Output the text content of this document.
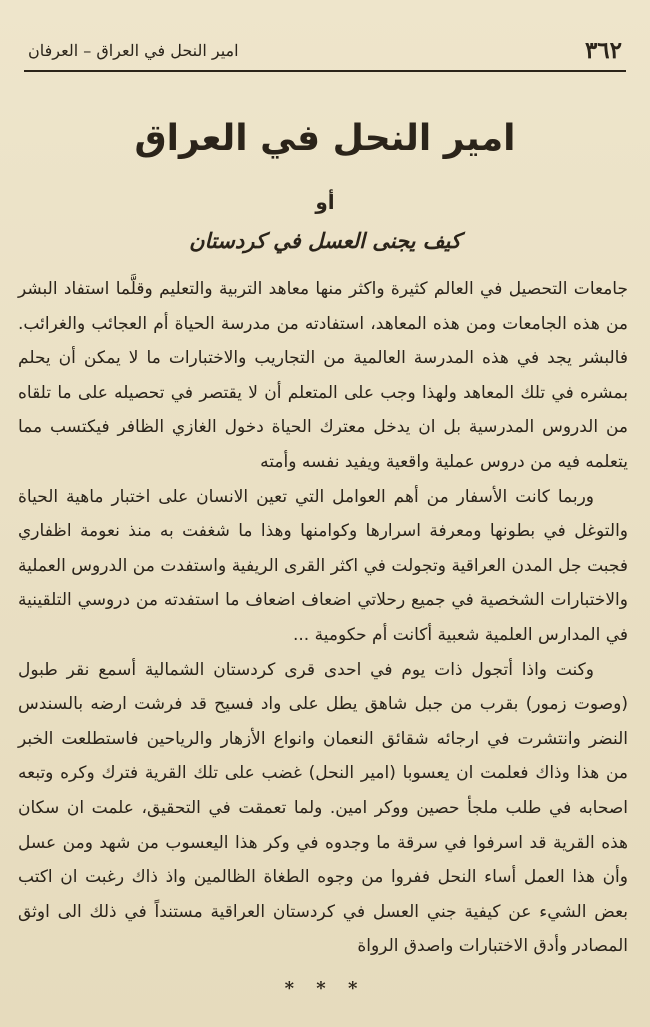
٣٦٢
امير النحل في العراق – العرفان
امير النحل في العراق
أو
كيف يجنى العسل في كردستان

جامعات التحصيل في العالم كثيرة واكثر منها معاهد التربية والتعليم وقلَّما استفاد البشر من هذه الجامعات ومن هذه المعاهد، استفادته من مدرسة الحياة أم العجائب والغرائب. فالبشر يجد في هذه المدرسة العالمية من التجاريب والاختبارات ما لا يمكن أن يحلم بمشره في تلك المعاهد ولهذا وجب على المتعلم أن لا يقتصر في تحصيله على ما تلقاه من الدروس المدرسية بل ان يدخل معترك الحياة دخول الغازي الظافر فيكتسب مما يتعلمه فيه من دروس عملية واقعية ويفيد نفسه وأمته

وربما كانت الأسفار من أهم العوامل التي تعين الانسان على اختبار ماهية الحياة والتوغل في بطونها ومعرفة اسرارها وكوامنها وهذا ما شغفت به منذ نعومة اظفاري فجبت جل المدن العراقية وتجولت في اكثر القرى الريفية واستفدت من الدروس العملية والاختبارات الشخصية في جميع رحلاتي اضعاف اضعاف ما استفدته من دروسي التلقينية في المدارس العلمية شعبية أكانت أم حكومية ...

وكنت واذا أتجول ذات يوم في احدى قرى كردستان الشمالية أسمع نقر طبول (وصوت زمور) بقرب من جبل شاهق يطل على واد فسيح قد فرشت ارضه بالسندس النضر وانتشرت في ارجائه شقائق النعمان وانواع الأزهار والرياحين فاستطلعت الخبر من هذا وذاك فعلمت ان يعسوبا (امير النحل) غضب على تلك القرية فترك وكره وتبعه اصحابه في طلب ملجأ حصين ووكر امين. ولما تعمقت في التحقيق، علمت ان سكان هذه القرية قد اسرفوا في سرقة ما وجدوه في وكر هذا اليعسوب من شهد ومن عسل وأن هذا العمل أساء النحل ففروا من وجوه الطغاة الظالمين واذ ذاك رغبت ان اكتب بعض الشيء عن كيفية جني العسل في كردستان العراقية مستنداً في ذلك الى اوثق المصادر وأدق الاختبارات واصدق الرواة

* * *
